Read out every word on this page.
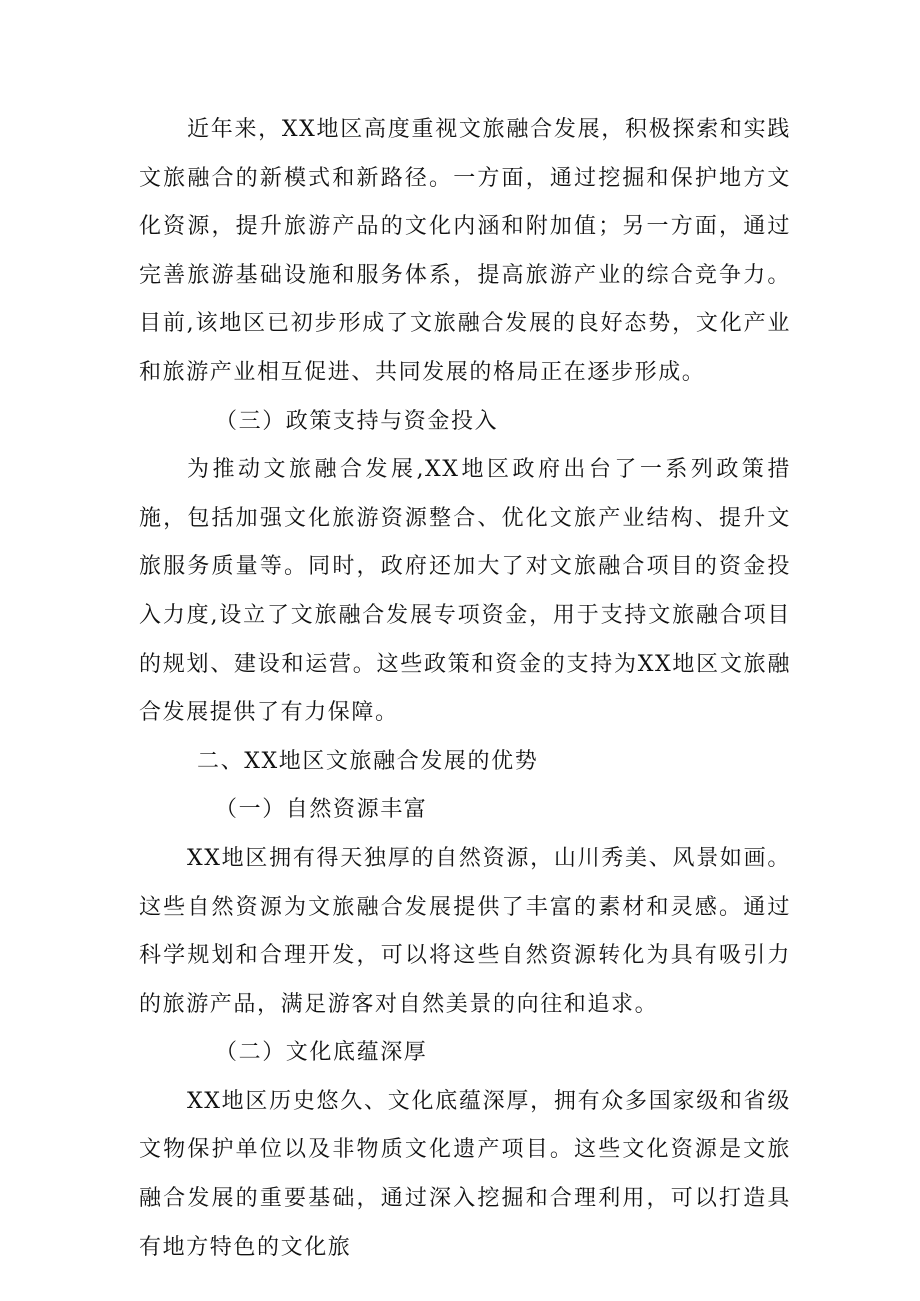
近年来，XX地区高度重视文旅融合发展，积极探索和实践文旅融合的新模式和新路径。一方面，通过挖掘和保护地方文化资源，提升旅游产品的文化内涵和附加值；另一方面，通过完善旅游基础设施和服务体系，提高旅游产业的综合竞争力。目前,该地区已初步形成了文旅融合发展的良好态势，文化产业和旅游产业相互促进、共同发展的格局正在逐步形成。

（三）政策支持与资金投入

为推动文旅融合发展,XX地区政府出台了一系列政策措施，包括加强文化旅游资源整合、优化文旅产业结构、提升文旅服务质量等。同时，政府还加大了对文旅融合项目的资金投入力度,设立了文旅融合发展专项资金，用于支持文旅融合项目的规划、建设和运营。这些政策和资金的支持为XX地区文旅融合发展提供了有力保障。

二、XX地区文旅融合发展的优势

（一）自然资源丰富

XX地区拥有得天独厚的自然资源，山川秀美、风景如画。这些自然资源为文旅融合发展提供了丰富的素材和灵感。通过科学规划和合理开发，可以将这些自然资源转化为具有吸引力的旅游产品，满足游客对自然美景的向往和追求。

（二）文化底蕴深厚

XX地区历史悠久、文化底蕴深厚，拥有众多国家级和省级文物保护单位以及非物质文化遗产项目。这些文化资源是文旅融合发展的重要基础，通过深入挖掘和合理利用，可以打造具有地方特色的文化旅
